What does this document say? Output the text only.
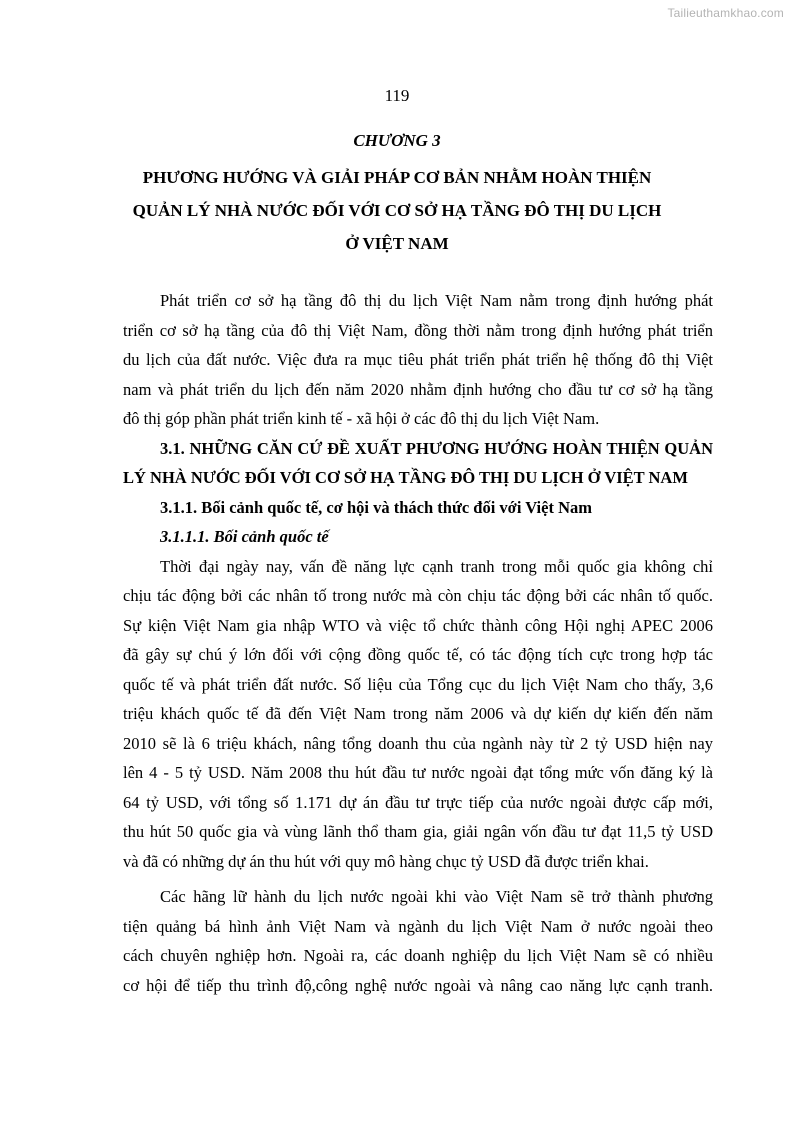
Tailieuthamkhao.com
119
CHƯƠNG 3
PHƯƠNG HƯỚNG VÀ GIẢI PHÁP CƠ BẢN NHẰM HOÀN THIỆN
QUẢN LÝ NHÀ NƯỚC ĐỐI VỚI CƠ SỞ HẠ TẦNG ĐÔ THỊ DU LỊCH
Ở VIỆT NAM
Phát triển cơ sở hạ tầng đô thị du lịch Việt Nam nằm trong định hướng phát
triển cơ sở hạ tầng của đô thị Việt Nam, đồng thời nằm trong định hướng phát triển
du lịch của đất nước. Việc đưa ra mục tiêu phát triển phát triển hệ thống đô thị Việt
nam và phát triển du lịch đến năm 2020 nhằm định hướng cho đầu tư cơ sở hạ tầng
đô thị góp phần phát triển kinh tế - xã hội ở các đô thị du lịch Việt Nam.
3.1. NHỮNG CĂN CỨ ĐỀ XUẤT PHƯƠNG HƯỚNG HOÀN THIỆN QUẢN
LÝ NHÀ NƯỚC ĐỐI VỚI CƠ SỞ HẠ TẦNG ĐÔ THỊ DU LỊCH Ở VIỆT NAM
3.1.1. Bối cảnh quốc tế, cơ hội và thách thức đối với Việt Nam
3.1.1.1. Bối cảnh quốc tế
Thời đại ngày nay, vấn đề năng lực cạnh tranh trong mỗi quốc gia không chỉ
chịu tác động bởi các nhân tố trong nước mà còn chịu tác động bởi các nhân tố quốc.
Sự kiện Việt Nam gia nhập WTO và việc tổ chức thành công Hội nghị APEC 2006
đã gây sự chú ý lớn đối với cộng đồng quốc tế, có tác động tích cực trong hợp tác
quốc tế và phát triển đất nước. Số liệu của Tổng cục du lịch Việt Nam cho thấy, 3,6
triệu khách quốc tế đã đến Việt Nam trong năm 2006 và dự kiến dự kiến đến năm
2010 sẽ là 6 triệu khách, nâng tổng doanh thu của ngành này từ 2 tỷ USD hiện nay
lên 4 - 5 tỷ USD. Năm 2008 thu hút đầu tư nước ngoài đạt tổng mức vốn đăng ký là
64 tỷ USD, với tổng số 1.171 dự án đầu tư trực tiếp của nước ngoài được cấp mới,
thu hút 50 quốc gia và vùng lãnh thổ tham gia, giải ngân vốn đầu tư đạt 11,5 tỷ USD
và đã có những dự án thu hút với quy mô hàng chục tỷ USD đã được triển khai.
Các hãng lữ hành du lịch nước ngoài khi vào Việt Nam sẽ trở thành phương
tiện quảng bá hình ảnh Việt Nam và ngành du lịch Việt Nam ở nước ngoài theo
cách chuyên nghiệp hơn. Ngoài ra, các doanh nghiệp du lịch Việt Nam sẽ có nhiều
cơ hội để tiếp thu trình độ,công nghệ nước ngoài và nâng cao năng lực cạnh tranh.
